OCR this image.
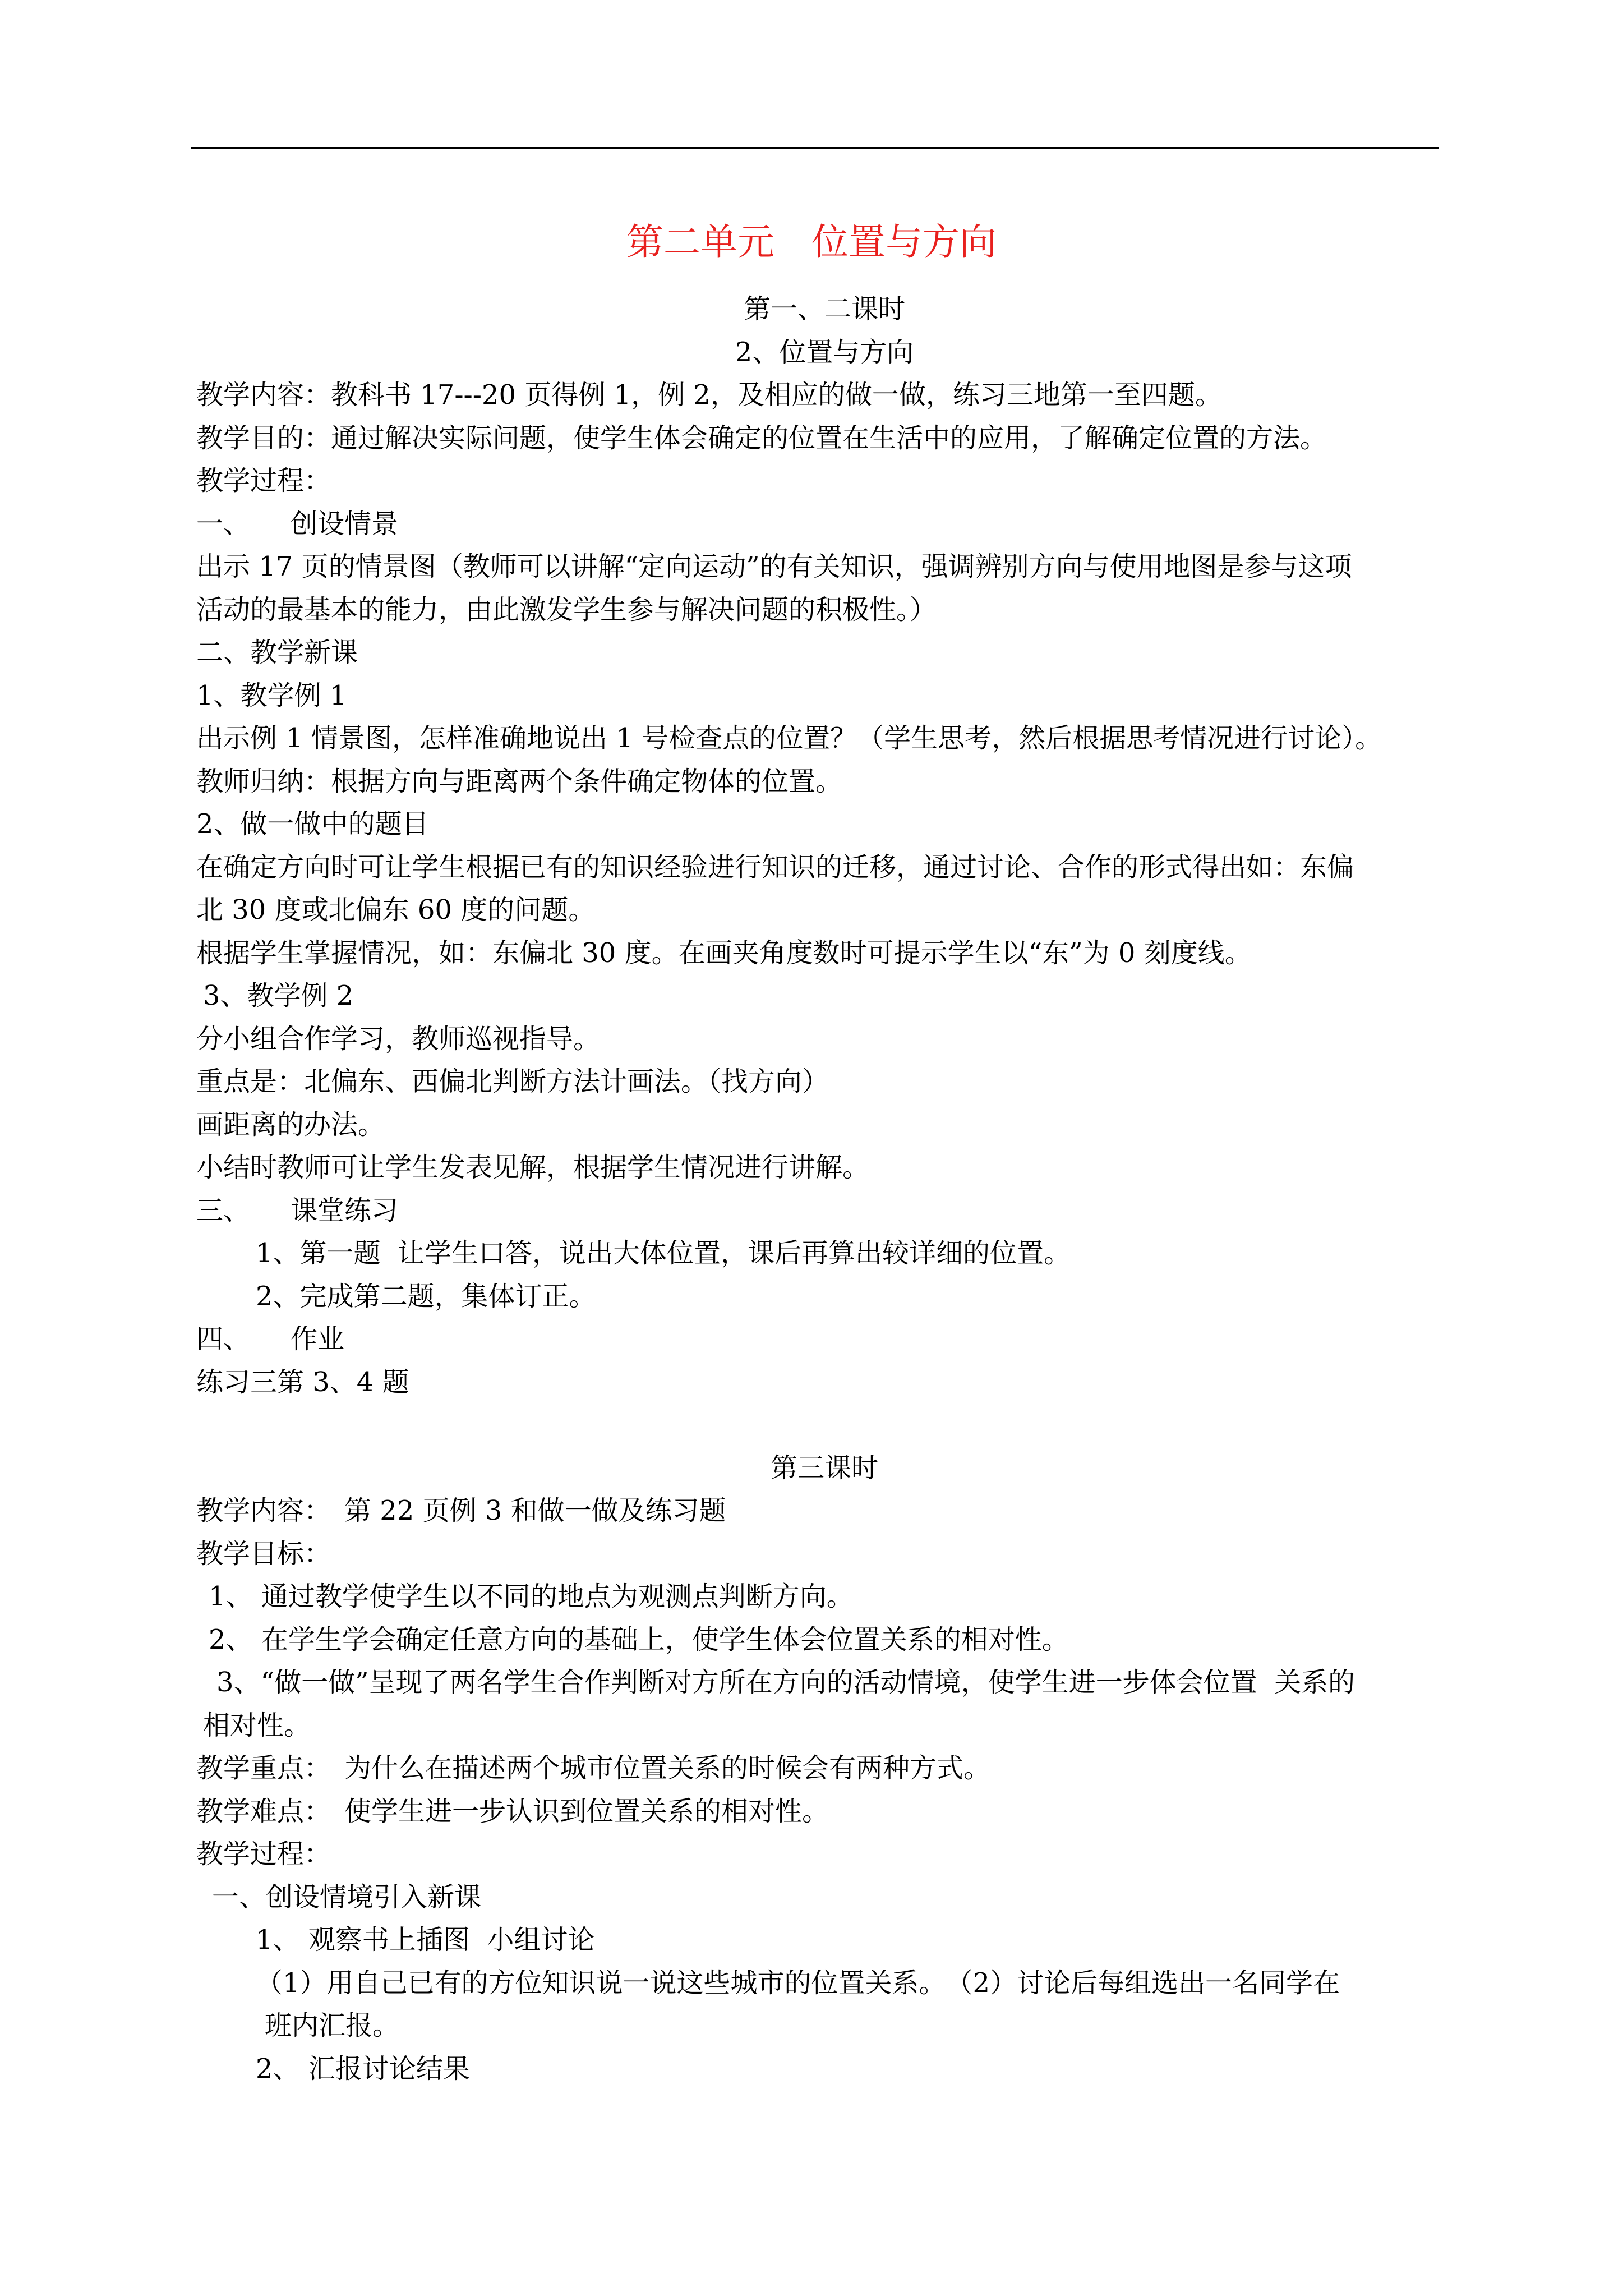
第二单元　位置与方向
第一、二课时
2、位置与方向
教学内容：教科书 17---20 页得例 1，例 2，及相应的做一做，练习三地第一至四题。
教学目的：通过解决实际问题，使学生体会确定的位置在生活中的应用，了解确定位置的方法。
教学过程：
一、　　创设情景
出示 17 页的情景图（教师可以讲解“定向运动”的有关知识，强调辨别方向与使用地图是参与这项
活动的最基本的能力，由此激发学生参与解决问题的积极性。）
二、教学新课
1、教学例 1
出示例 1 情景图，怎样准确地说出 1 号检查点的位置？（学生思考，然后根据思考情况进行讨论）。
教师归纳：根据方向与距离两个条件确定物体的位置。
2、做一做中的题目
在确定方向时可让学生根据已有的知识经验进行知识的迁移，通过讨论、合作的形式得出如：东偏
北 30 度或北偏东 60 度的问题。
根据学生掌握情况，如：东偏北 30 度。在画夹角度数时可提示学生以“东”为 0 刻度线。
3、教学例 2
分小组合作学习，教师巡视指导。
重点是：北偏东、西偏北判断方法计画法。（找方向）
画距离的办法。
小结时教师可让学生发表见解，根据学生情况进行讲解。
三、　　课堂练习
1、第一题  让学生口答，说出大体位置，课后再算出较详细的位置。
2、完成第二题，集体订正。
四、　　作业
练习三第 3、4 题
第三课时
教学内容：　第 22 页例 3 和做一做及练习题
教学目标：
1、 通过教学使学生以不同的地点为观测点判断方向。
2、 在学生学会确定任意方向的基础上，使学生体会位置关系的相对性。
3、“做一做”呈现了两名学生合作判断对方所在方向的活动情境，使学生进一步体会位置  关系的
相对性。
教学重点：　为什么在描述两个城市位置关系的时候会有两种方式。
教学难点：　使学生进一步认识到位置关系的相对性。
教学过程：
一、创设情境引入新课
1、 观察书上插图  小组讨论
（1）用自己已有的方位知识说一说这些城市的位置关系。　（2）讨论后每组选出一名同学在
班内汇报。
2、 汇报讨论结果
